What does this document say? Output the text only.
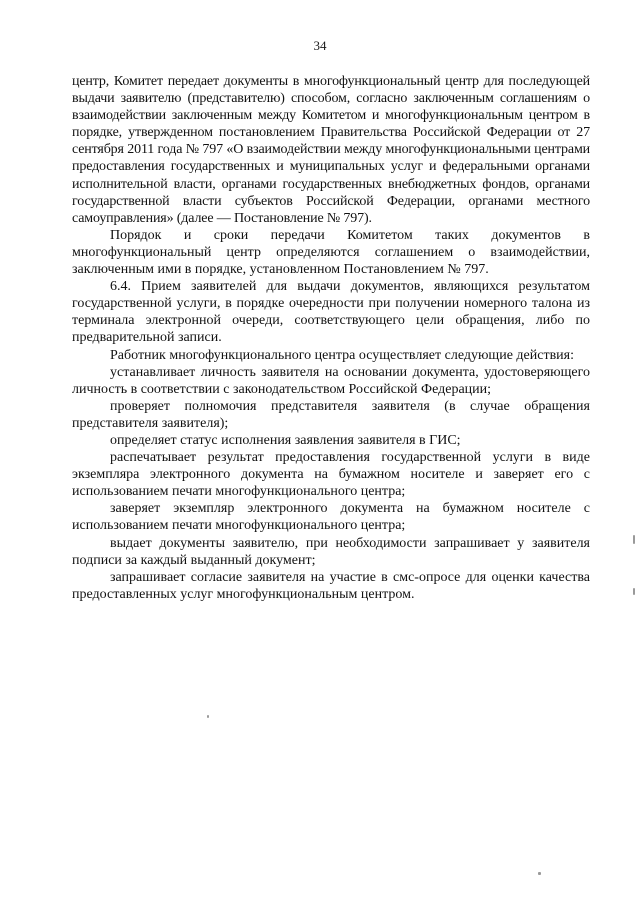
34

центр, Комитет передает документы в многофункциональный центр для последующей выдачи заявителю (представителю) способом, согласно заключенным соглашениям о взаимодействии заключенным между Комитетом и многофункциональным центром в порядке, утвержденном постановлением Правительства Российской Федерации от 27 сентября 2011 года № 797 «О взаимодействии между многофункциональными центрами предоставления государственных и муниципальных услуг и федеральными органами исполнительной власти, органами государственных внебюджетных фондов, органами государственной власти субъектов Российской Федерации, органами местного самоуправления» (далее — Постановление № 797).

Порядок и сроки передачи Комитетом таких документов в многофункциональный центр определяются соглашением о взаимодействии, заключенным ими в порядке, установленном Постановлением № 797.

6.4. Прием заявителей для выдачи документов, являющихся результатом государственной услуги, в порядке очередности при получении номерного талона из терминала электронной очереди, соответствующего цели обращения, либо по предварительной записи.

Работник многофункционального центра осуществляет следующие действия:

устанавливает личность заявителя на основании документа, удостоверяющего личность в соответствии с законодательством Российской Федерации;

проверяет полномочия представителя заявителя (в случае обращения представителя заявителя);

определяет статус исполнения заявления заявителя в ГИС;

распечатывает результат предоставления государственной услуги в виде экземпляра электронного документа на бумажном носителе и заверяет его с использованием печати многофункционального центра;

заверяет экземпляр электронного документа на бумажном носителе с использованием печати многофункционального центра;

выдает документы заявителю, при необходимости запрашивает у заявителя подписи за каждый выданный документ;

запрашивает согласие заявителя на участие в смс-опросе для оценки качества предоставленных услуг многофункциональным центром.
